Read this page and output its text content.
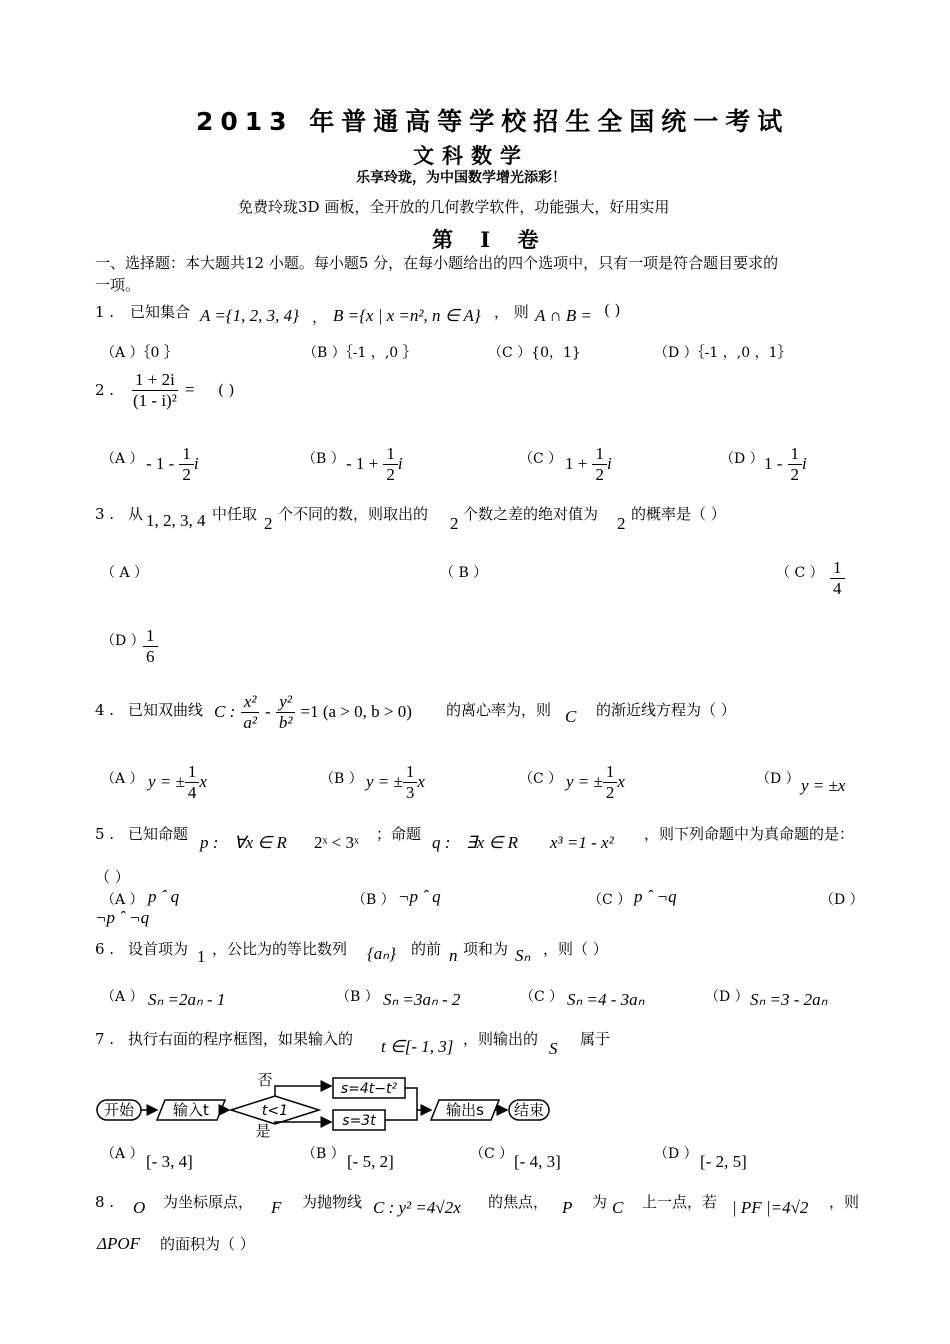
2013 年普通高等学校招生全国统一考试
文科数学
乐享玲珑，为中国数学增光添彩！
免费玲珑3D 画板，全开放的几何教学软件，功能强大，好用实用
第 Ⅰ 卷
一、选择题：本大题共12 小题。每小题5 分，在每小题给出的四个选项中，只有一项是符合题目要求的
一项。
1 . 已知集合 A ={1, 2, 3, 4} ， B ={x | x =n², n ∈ A} ， 则 A ∩ B = ( )
（A ）｛0 ｝	（B ）｛-1 ，,0 ｝	（C ）{0，1}	（D ）｛-1 ，,0 ，1｝
2 . $\frac{1 + 2i}{\text{(1 - i)²}}$ = ( )
（A ） - $1 - \frac{1}{2}$ i	（B ） - $1 + \frac{1}{2}$ i	（C ） $1 + \frac{1}{2}$ i	（D ） $1 - \frac{1}{2}$ i
3 . 从 1, 2, 3, 4 中任取 2 个不同的数，则取出的 2 个数之差的绝对值为 2 的概率是（ ）
（ A ）	（ B ）	（ C ） $\frac{1}{4}$
（D ）
$\frac{1}{6}$
4 . 已知双曲线 C : $\frac{\text{x²}}{\text{a²}} - \frac{\text{y²}}{\text{b²}} =1$ (a > 0, b > 0) 的离心率为，则 C 的渐近线方程为（ ）
（A ） y = ± $\frac{1}{4}$ x	（B ） y = ± $\frac{1}{3}$ x	（C ） y = ± $\frac{1}{2}$ x	（D ） y = ±x
5 . 已知命题 p : ∀x ∈ R 2ˣ < 3ˣ ；命题 q : ∃x ∈ R x³ =1 - x² ，则下列命题中为真命题的是：
（ ）
（A ） p ˆ q	（B ） ¬p ˆ q	（C ） p ˆ ¬q	（D ）
¬p ˆ ¬q
6 . 设首项为 1 ，公比为的等比数列 {aₙ} 的前 n 项和为 Sₙ ，则（ ）
（A ） Sₙ =2aₙ - 1	（B ） Sₙ =3aₙ - 2	（C ） Sₙ =4 - 3aₙ	（D ） Sₙ =3 - 2aₙ
7 . 执行右面的程序框图，如果输入的 t ∈[- 1, 3] ，则输出的 S 属于
开始	输入t
否
t<1
是
s=4t−t²
s=3t
输出s 结束
（A ） [- 3, 4]	（B ） [- 5, 2]	（C ） [- 4, 3]	（D ） [- 2, 5]
8 . O 为坐标原点， F 为抛物线 C : y² =4√2x 的焦点， P 为 C 上一点，若 | PF |=4√2 ，则
ΔPOF 的面积为（ ）
